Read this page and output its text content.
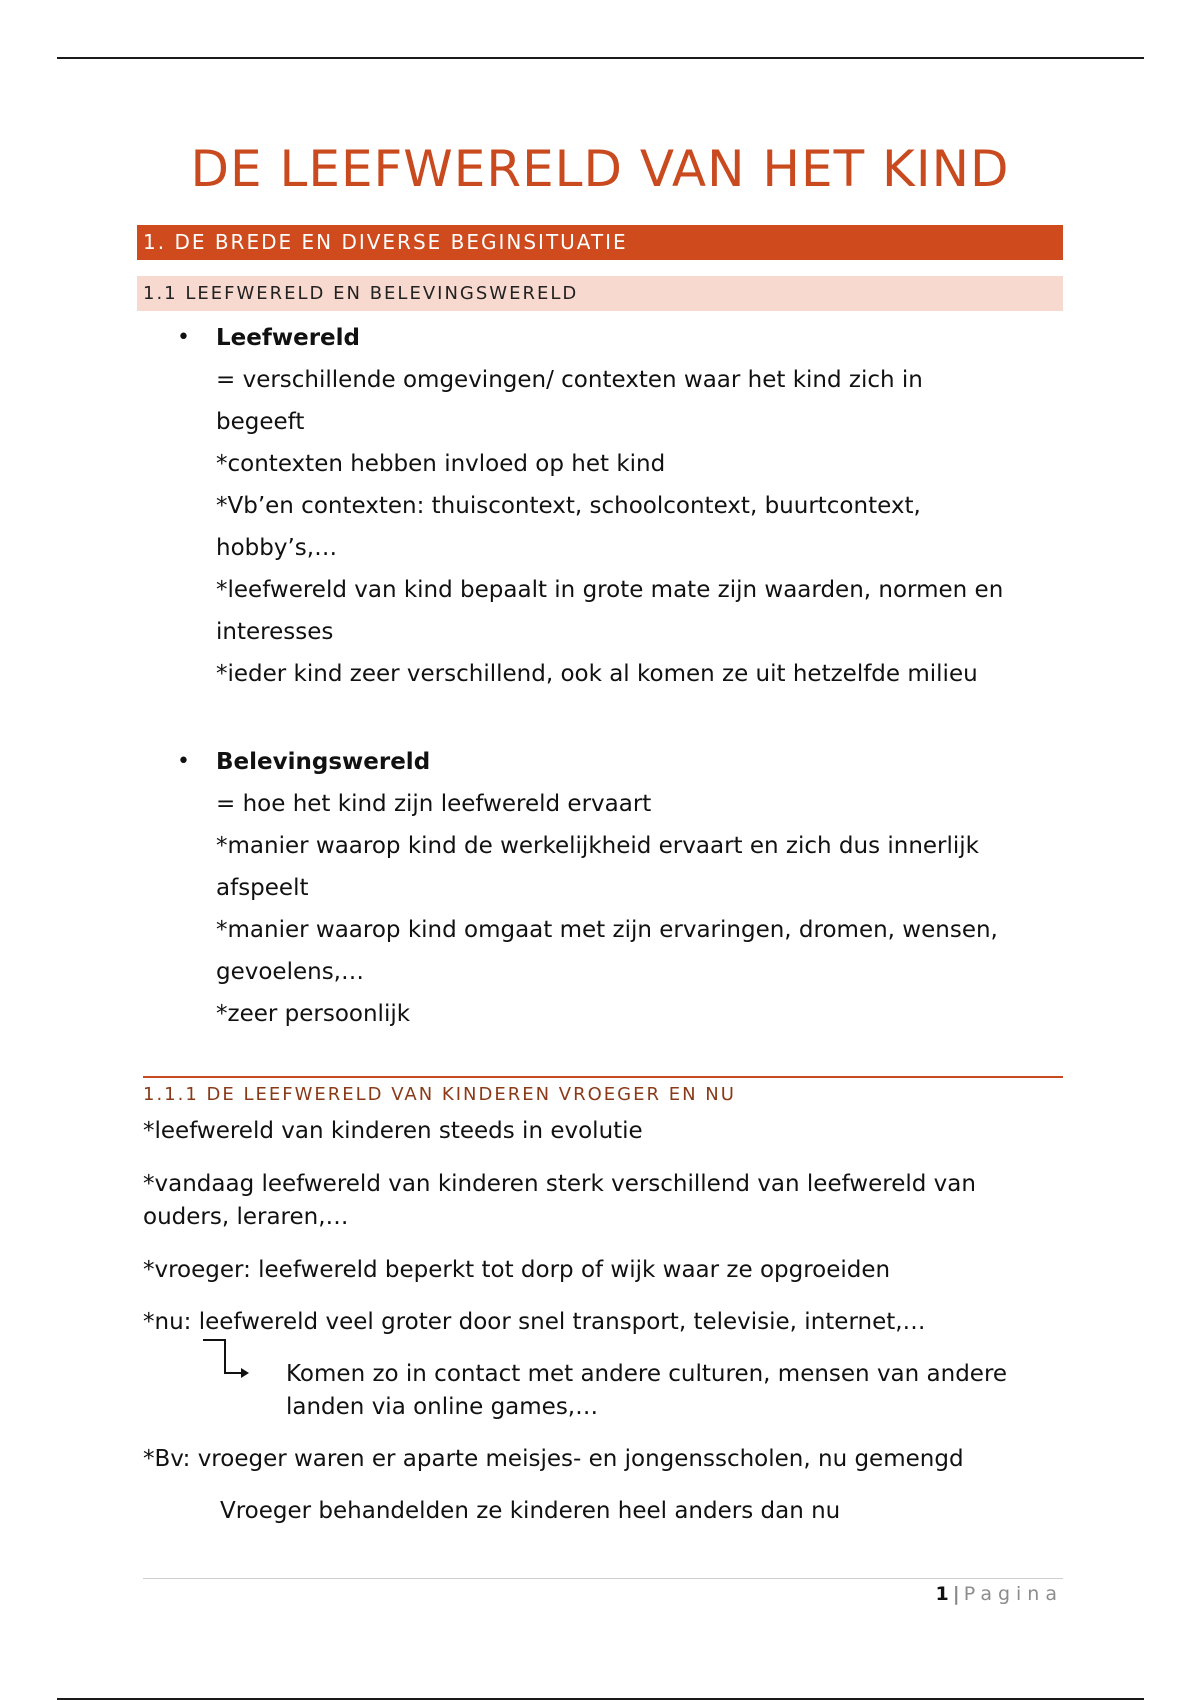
DE LEEFWERELD VAN HET KIND
1. DE BREDE EN DIVERSE BEGINSITUATIE
1.1 LEEFWERELD EN BELEVINGSWERELD
• Leefwereld
= verschillende omgevingen/ contexten waar het kind zich in
begeeft
*contexten hebben invloed op het kind
*Vb’en contexten: thuiscontext, schoolcontext, buurtcontext,
hobby’s,…
*leefwereld van kind bepaalt in grote mate zijn waarden, normen en
interesses
*ieder kind zeer verschillend, ook al komen ze uit hetzelfde milieu
• Belevingswereld
= hoe het kind zijn leefwereld ervaart
*manier waarop kind de werkelijkheid ervaart en zich dus innerlijk
afspeelt
*manier waarop kind omgaat met zijn ervaringen, dromen, wensen,
gevoelens,…
*zeer persoonlijk
1.1.1 DE LEEFWERELD VAN KINDEREN VROEGER EN NU
*leefwereld van kinderen steeds in evolutie
*vandaag leefwereld van kinderen sterk verschillend van leefwereld van ouders, leraren,…
*vroeger: leefwereld beperkt tot dorp of wijk waar ze opgroeiden
*nu: leefwereld veel groter door snel transport, televisie, internet,…
Komen zo in contact met andere culturen, mensen van andere landen via online games,…
*Bv: vroeger waren er aparte meisjes- en jongensscholen, nu gemengd
Vroeger behandelden ze kinderen heel anders dan nu
1 | Pagina
